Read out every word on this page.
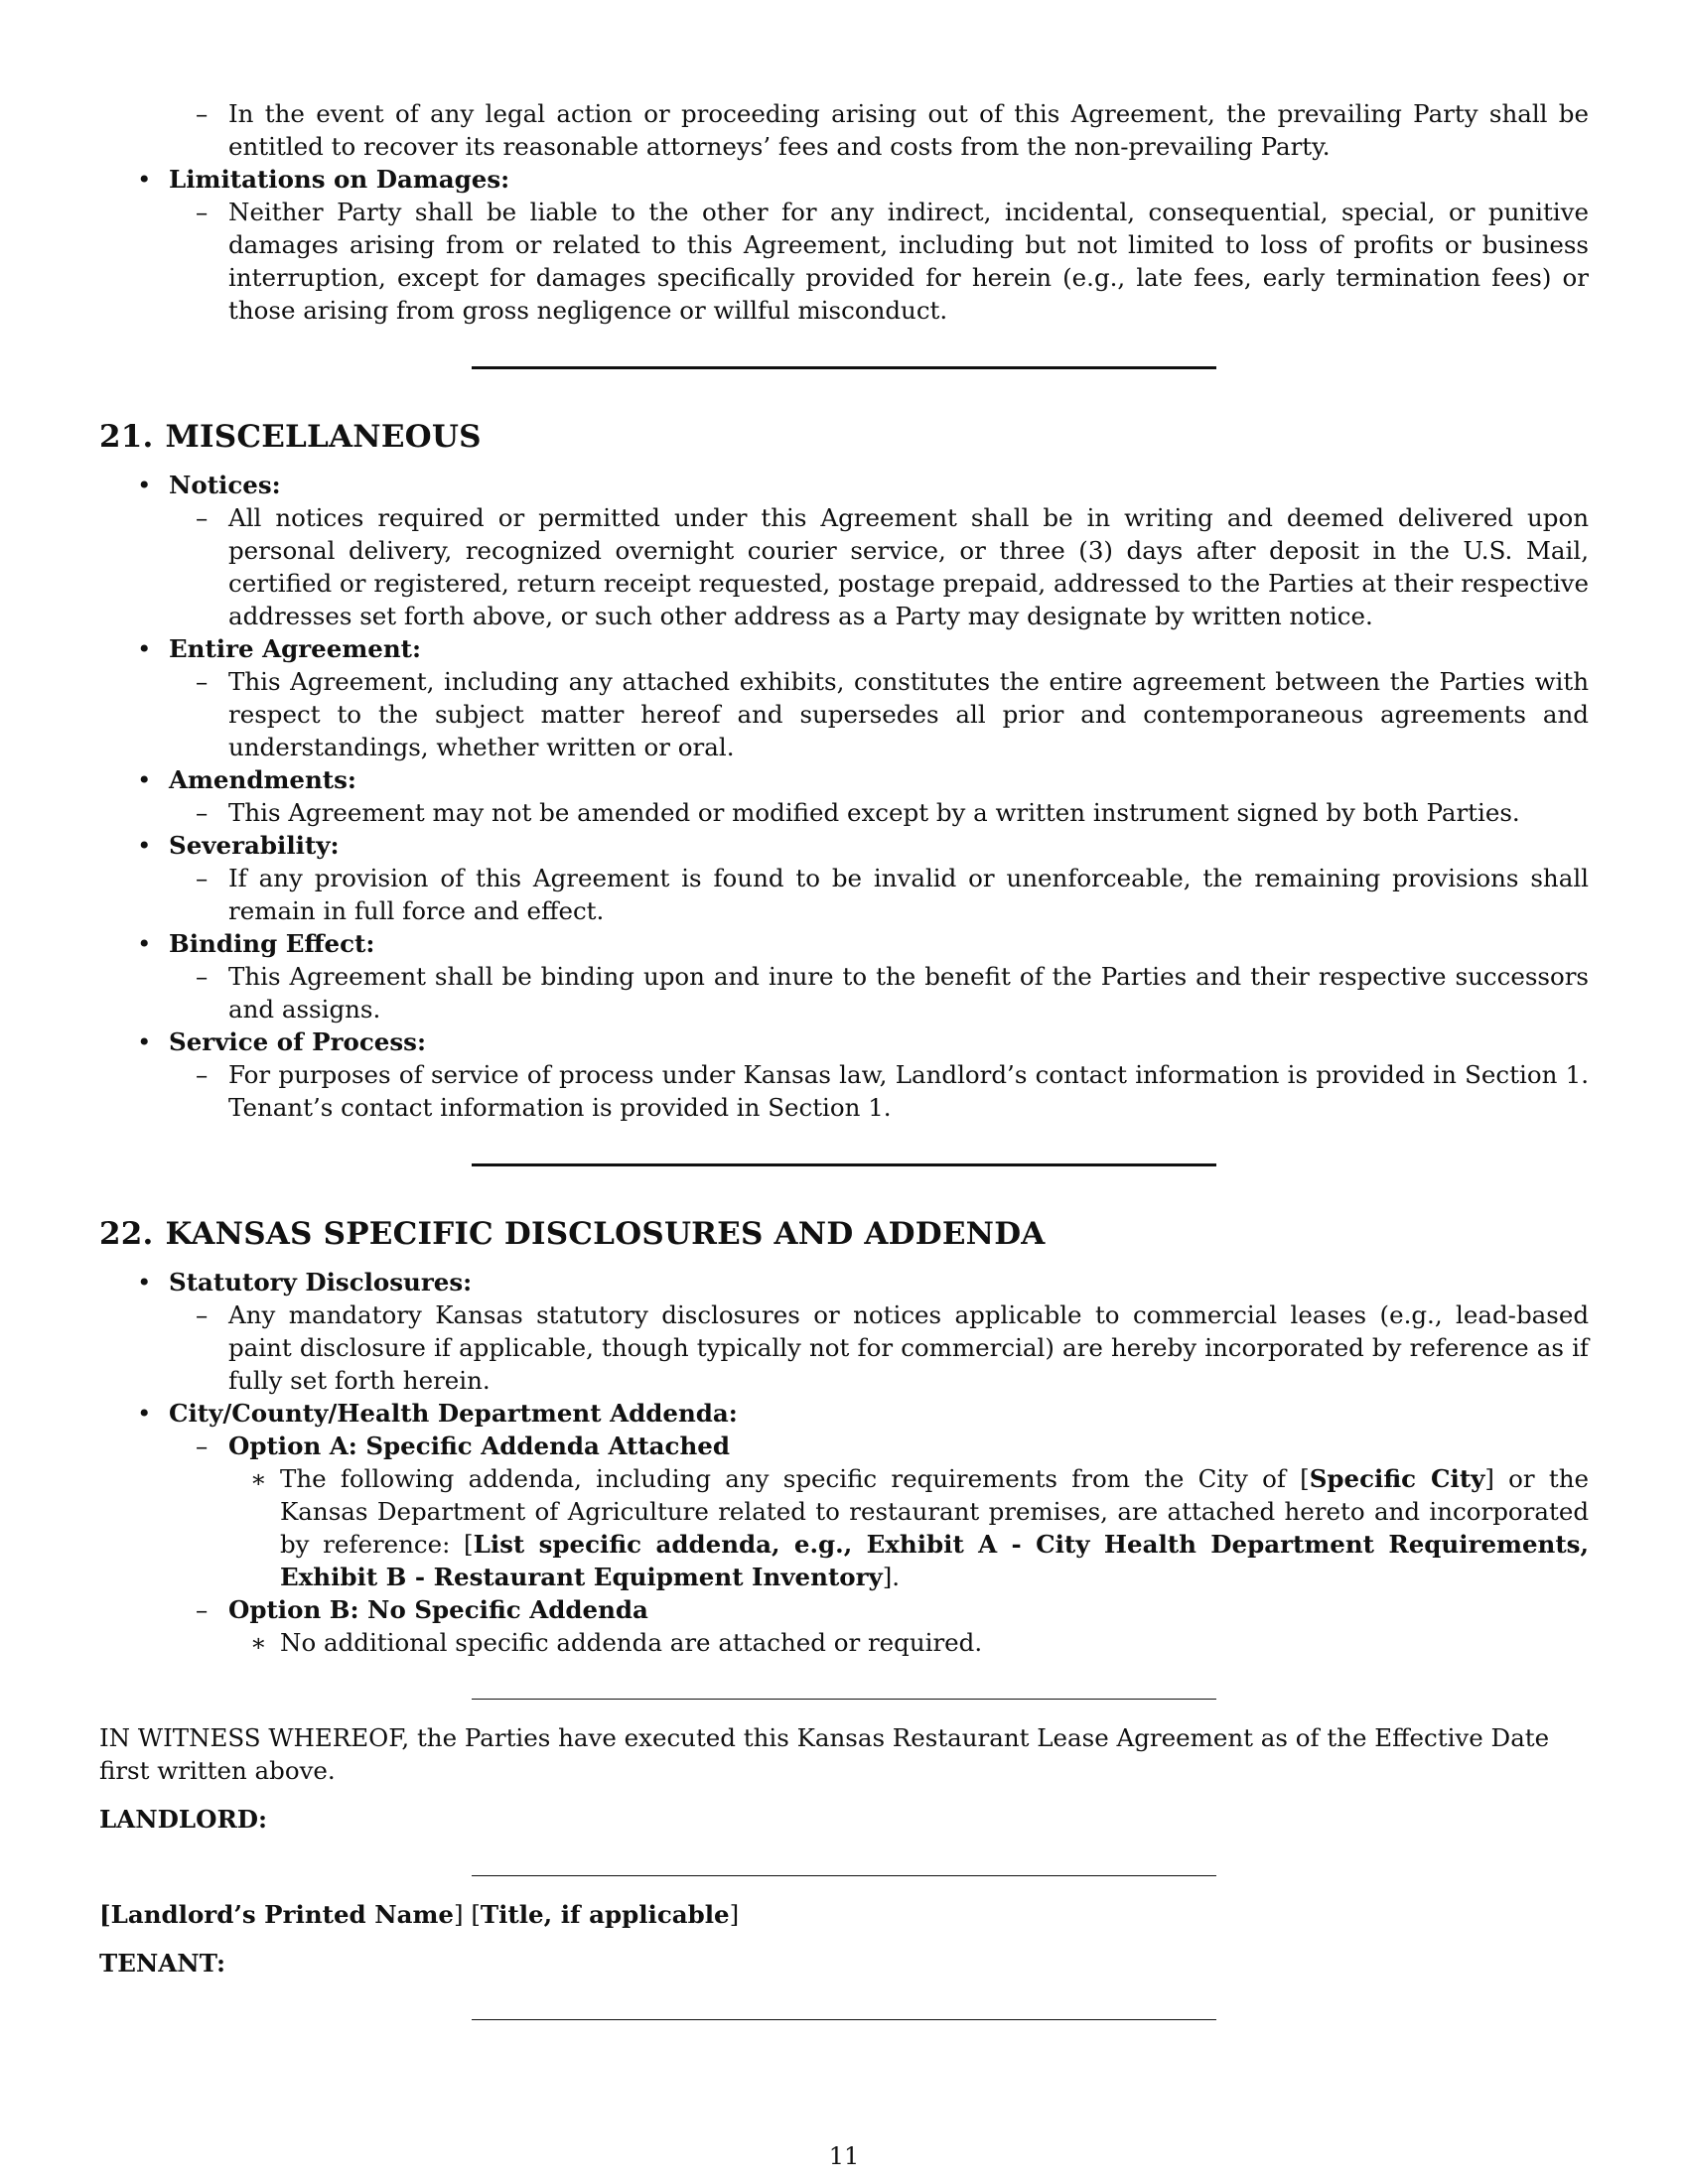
– In the event of any legal action or proceeding arising out of this Agreement, the prevailing Party shall be entitled to recover its reasonable attorneys’ fees and costs from the non-prevailing Party.
• Limitations on Damages:
– Neither Party shall be liable to the other for any indirect, incidental, consequential, special, or punitive damages arising from or related to this Agreement, including but not limited to loss of profits or business interruption, except for damages specifically provided for herein (e.g., late fees, early termination fees) or those arising from gross negligence or willful misconduct.
21. MISCELLANEOUS
• Notices:
– All notices required or permitted under this Agreement shall be in writing and deemed delivered upon personal delivery, recognized overnight courier service, or three (3) days after deposit in the U.S. Mail, certified or registered, return receipt requested, postage prepaid, addressed to the Parties at their respective addresses set forth above, or such other address as a Party may designate by written notice.
• Entire Agreement:
– This Agreement, including any attached exhibits, constitutes the entire agreement between the Parties with respect to the subject matter hereof and supersedes all prior and contemporaneous agreements and understandings, whether written or oral.
• Amendments:
– This Agreement may not be amended or modified except by a written instrument signed by both Parties.
• Severability:
– If any provision of this Agreement is found to be invalid or unenforceable, the remaining provisions shall remain in full force and effect.
• Binding Effect:
– This Agreement shall be binding upon and inure to the benefit of the Parties and their respective successors and assigns.
• Service of Process:
– For purposes of service of process under Kansas law, Landlord’s contact information is provided in Section 1. Tenant’s contact information is provided in Section 1.
22. KANSAS SPECIFIC DISCLOSURES AND ADDENDA
• Statutory Disclosures:
– Any mandatory Kansas statutory disclosures or notices applicable to commercial leases (e.g., lead-based paint disclosure if applicable, though typically not for commercial) are hereby incorporated by reference as if fully set forth herein.
• City/County/Health Department Addenda:
– Option A: Specific Addenda Attached
∗ The following addenda, including any specific requirements from the City of [Specific City] or the Kansas Department of Agriculture related to restaurant premises, are attached hereto and incorporated by reference: [List specific addenda, e.g., Exhibit A - City Health Department Requirements, Exhibit B - Restaurant Equipment Inventory].
– Option B: No Specific Addenda
∗ No additional specific addenda are attached or required.
IN WITNESS WHEREOF, the Parties have executed this Kansas Restaurant Lease Agreement as of the Effective Date first written above.
LANDLORD:
[Landlord’s Printed Name] [Title, if applicable]
TENANT:
11
